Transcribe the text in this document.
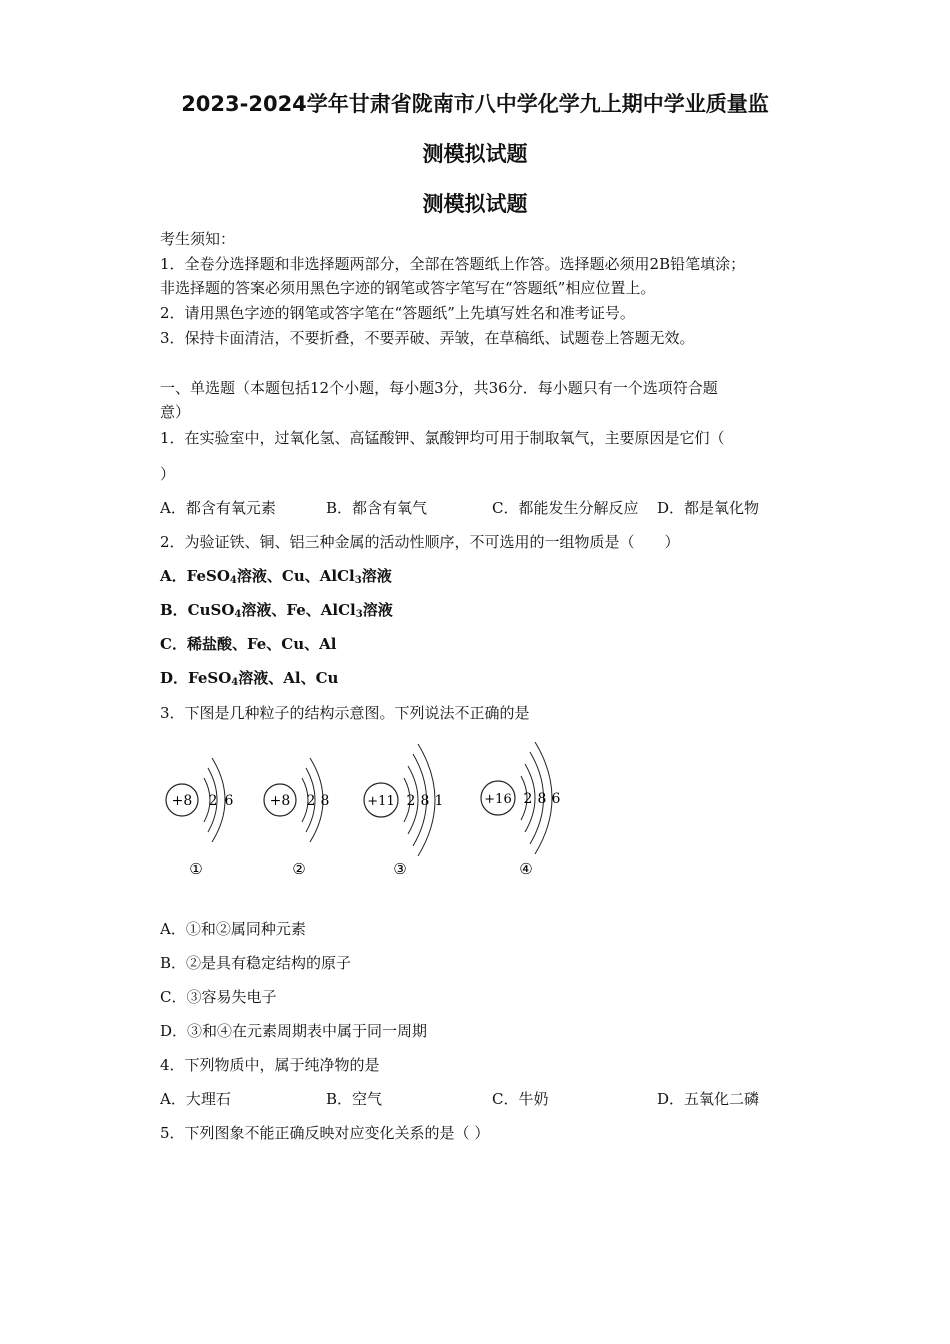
2023-2024学年甘肃省陇南市八中学化学九上期中学业质量监
测模拟试题
测模拟试题
考生须知：
1．全卷分选择题和非选择题两部分，全部在答题纸上作答。选择题必须用2B铅笔填涂；
非选择题的答案必须用黑色字迹的钢笔或答字笔写在“答题纸”相应位置上。
2．请用黑色字迹的钢笔或答字笔在“答题纸”上先填写姓名和准考证号。
3．保持卡面清洁，不要折叠，不要弄破、弄皱，在草稿纸、试题卷上答题无效。
一、单选题（本题包括12个小题，每小题3分，共36分．每小题只有一个选项符合题
意）
1．在实验室中，过氧化氢、高锰酸钾、氯酸钾均可用于制取氧气，主要原因是它们（
）
A．都含有氧元素	B．都含有氧气	C．都能发生分解反应 D．都是氧化物
2．为验证铁、铜、铝三种金属的活动性顺序，不可选用的一组物质是（　　）
A．FeSO$_4$溶液、Cu、AlCl$_3$溶液
B．CuSO$_4$溶液、Fe、AlCl$_3$溶液
C．稀盐酸、Fe、Cu、Al
D．FeSO$_4$溶液、Al、Cu
3．下图是几种粒子的结构示意图。下列说法不正确的是
+8 2 6
①
+8 2 8
②
+11 2 8 1
③
+16 2 8 6
④
A．①和②属同种元素
B．②是具有稳定结构的原子
C．③容易失电子
D．③和④在元素周期表中属于同一周期
4．下列物质中，属于纯净物的是
A．大理石	B．空气	C．牛奶	D．五氧化二磷
5．下列图象不能正确反映对应变化关系的是（ ）
